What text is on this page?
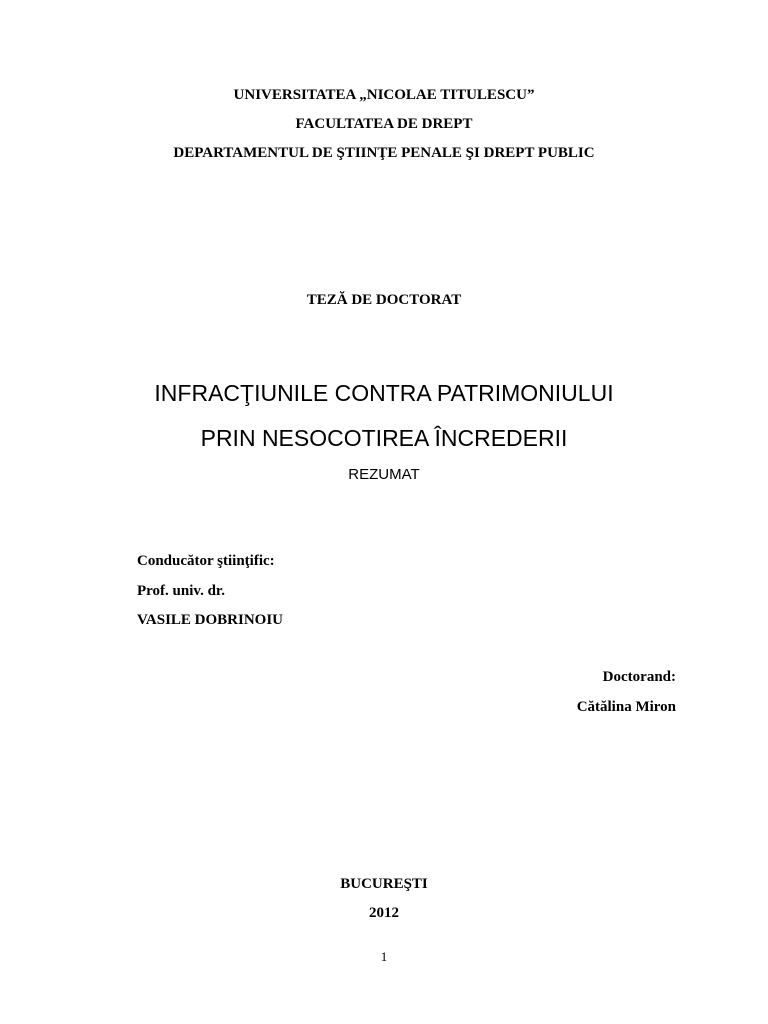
UNIVERSITATEA „NICOLAE TITULESCU”
FACULTATEA DE DREPT
DEPARTAMENTUL DE ŞTIINŢE PENALE ŞI DREPT PUBLIC
TEZĂ DE DOCTORAT
INFRACŢIUNILE CONTRA PATRIMONIULUI
PRIN NESOCOTIREA ÎNCREDERII
REZUMAT
Conducător ştiinţific:
Prof. univ. dr.
VASILE DOBRINOIU
Doctorand:
Cătălina Miron
BUCUREŞTI
2012
1
